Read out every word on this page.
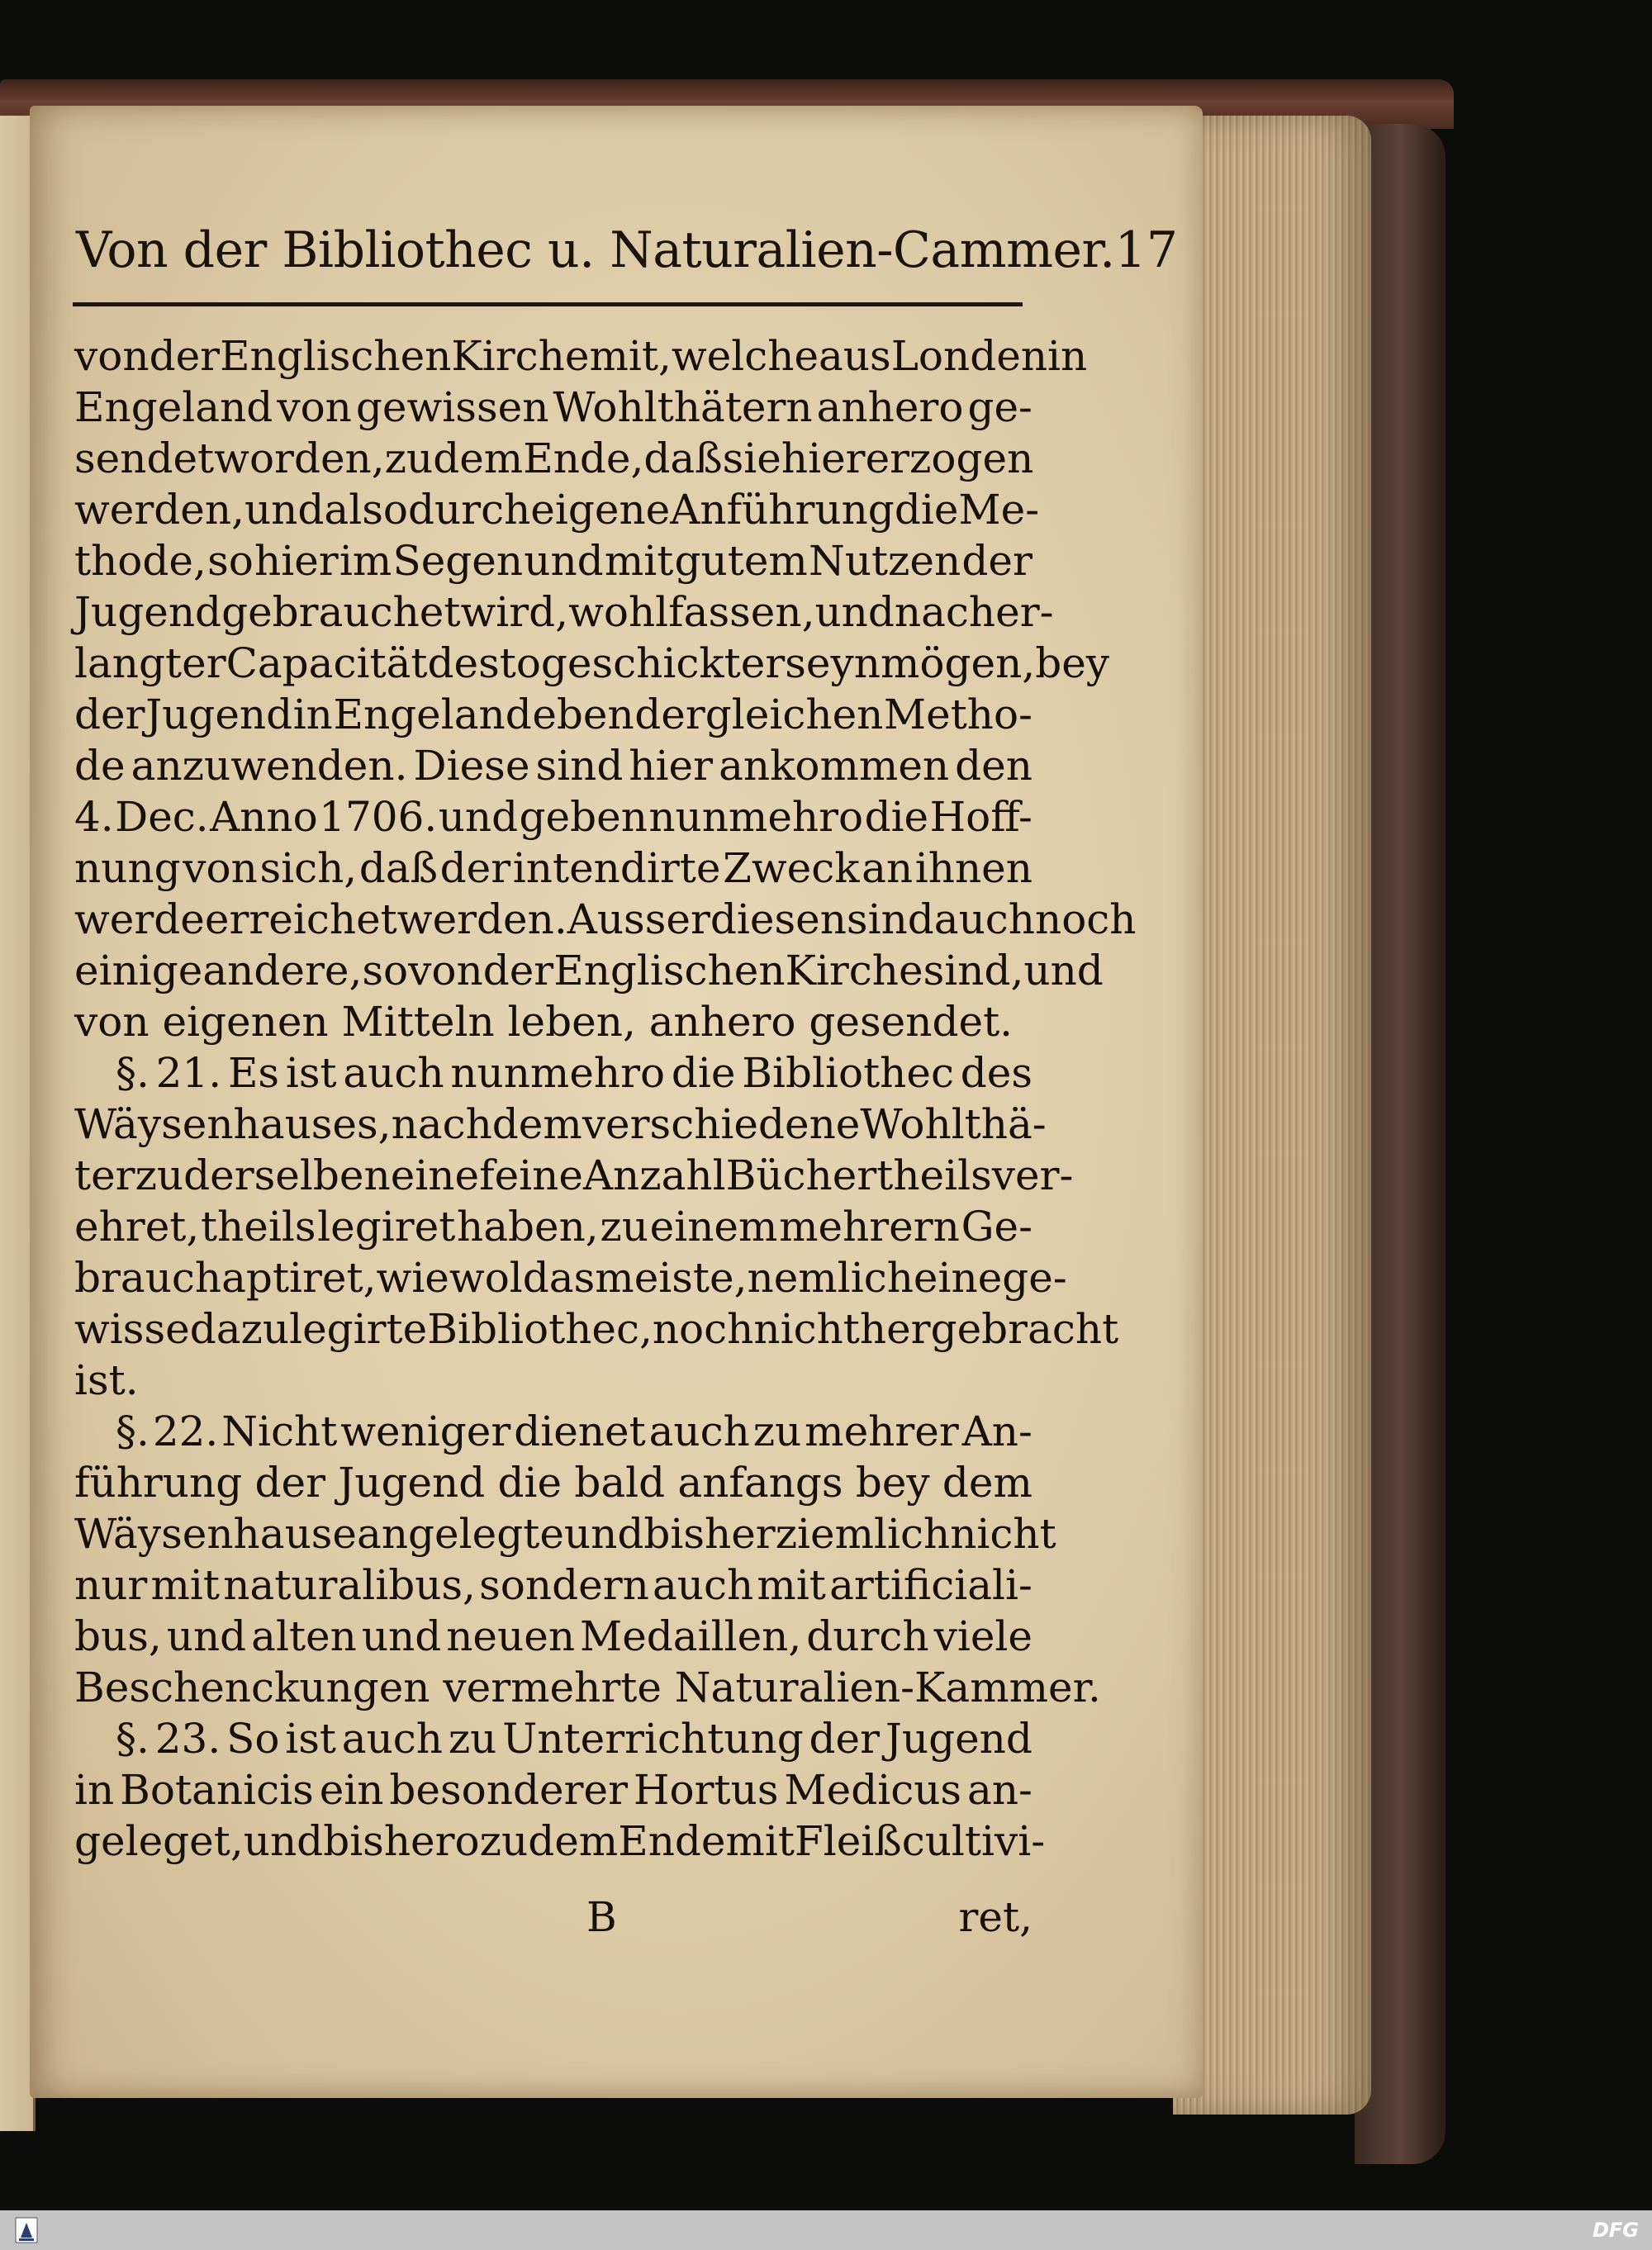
Von der Bibliothec u. Naturalien-Cammer. 17
von der Englischen Kirche mit, welche aus Londen in
Engeland von gewissen Wohlthätern anhero ge-
sendet worden, zu dem Ende, daß sie hier erzogen
werden, und also durch eigene Anführung die Me-
thode, so hier im Segen und mit gutem Nutzen der
Jugend gebrauchet wird, wohl fassen, und nach er-
langter Capacität desto geschickter seyn mögen, bey
der Jugend in Engeland eben dergleichen Metho-
de anzuwenden. Diese sind hier ankommen den
4. Dec. Anno 1706. und geben nunmehro die Hoff-
nung von sich, daß der intendirte Zweck an ihnen
werde erreichet werden. Ausser diesen sind auch noch
einige andere, so von der Englischen Kirche sind, und
von eigenen Mitteln leben, anhero gesendet.
§. 21. Es ist auch nunmehro die Bibliothec des
Wäysenhauses, nachdem verschiedene Wohlthä-
ter zu derselben eine feine Anzahl Bücher theils ver-
ehret, theils legiret haben, zu einem mehrern Ge-
brauch aptiret, wiewol das meiste, nemlich eine ge-
wisse dazu legirte Bibliothec, noch nicht hergebracht
ist.
§. 22. Nicht weniger dienet auch zu mehrer An-
führung der Jugend die bald anfangs bey dem
Wäysenhause angelegte und bisher ziemlich nicht
nur mit naturalibus, sondern auch mit artificiali-
bus, und alten und neuen Medaillen, durch viele
Beschenckungen vermehrte Naturalien-Kammer.
§. 23. So ist auch zu Unterrichtung der Jugend
in Botanicis ein besonderer Hortus Medicus an-
geleget, und bishero zu dem Ende mit Fleiß cultivi-
B	ret,
DFG
